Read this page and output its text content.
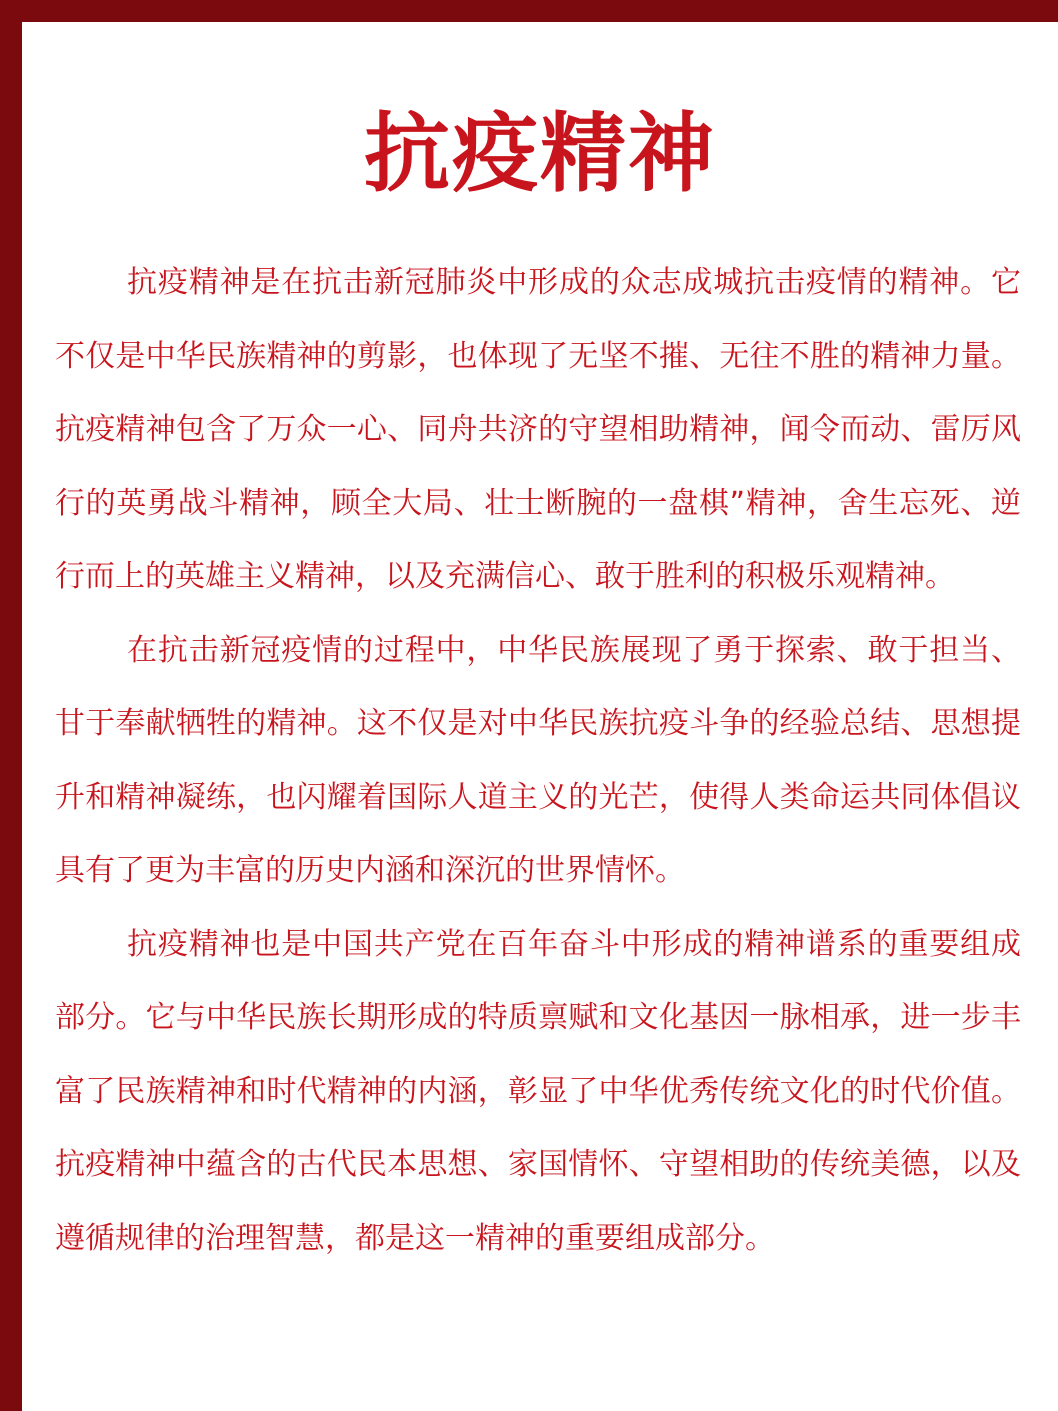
抗疫精神

抗疫精神是在抗击新冠肺炎中形成的众志成城抗击疫情的精神。它不仅是中华民族精神的剪影，也体现了无坚不摧、无往不胜的精神力量。抗疫精神包含了万众一心、同舟共济的守望相助精神，闻令而动、雷厉风行的英勇战斗精神，顾全大局、壮士断腕的一盘棋”精神，舍生忘死、逆行而上的英雄主义精神，以及充满信心、敢于胜利的积极乐观精神。

在抗击新冠疫情的过程中，中华民族展现了勇于探索、敢于担当、甘于奉献牺牲的精神。这不仅是对中华民族抗疫斗争的经验总结、思想提升和精神凝练，也闪耀着国际人道主义的光芒，使得人类命运共同体倡议具有了更为丰富的历史内涵和深沉的世界情怀。

抗疫精神也是中国共产党在百年奋斗中形成的精神谱系的重要组成部分。它与中华民族长期形成的特质禀赋和文化基因一脉相承，进一步丰富了民族精神和时代精神的内涵，彰显了中华优秀传统文化的时代价值。抗疫精神中蕴含的古代民本思想、家国情怀、守望相助的传统美德，以及遵循规律的治理智慧，都是这一精神的重要组成部分。
